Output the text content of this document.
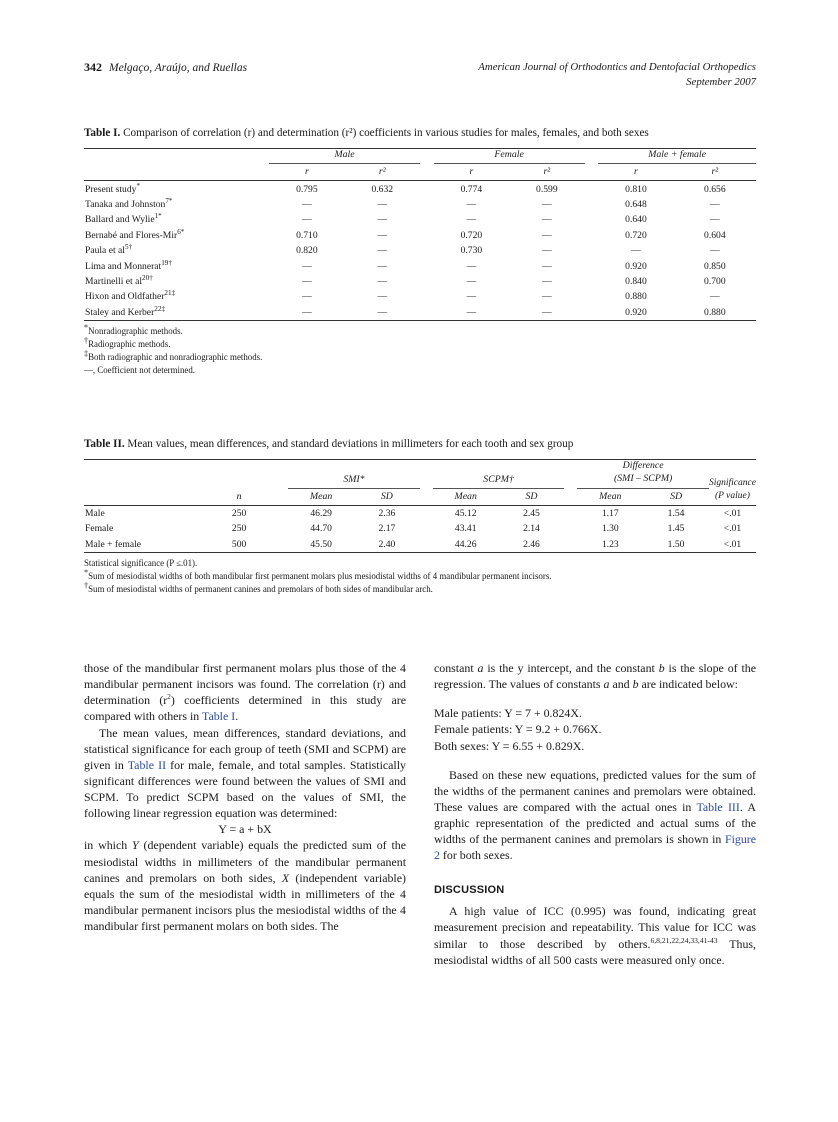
342 Melgaço, Araújo, and Ruellas	American Journal of Orthodontics and Dentofacial Orthopedics
September 2007
Table I. Comparison of correlation (r) and determination (r²) coefficients in various studies for males, females, and both sexes
	Male			Female			Male + female	

	r	r²		r	r²		r	r²
Present study*	0.795	0.632		0.774	0.599		0.810	0.656
Tanaka and Johnston$^{7*}$	—	—		—	—		0.648	—
Ballard and Wylie$^{1*}$	—	—		—	—		0.640	—
Bernabé and Flores-Mir$^{6*}$	0.710	—		0.720	—		0.720	0.604
Paula et $al^{5\dagger}$	0.820	—		0.730	—		—	—
Lima and Monnerat$^{19\dagger}$	—	—		—	—		0.920	0.850
Martinelli et $al^{20\dagger}$	—	—		—	—		0.840	0.700
Hixon and Oldfather$^{21\ddagger}$	—	—		—	—		0.880	—
Staley and Kerber$^{22\ddagger}$	—	—		—	—		0.920	0.880
*Nonradiographic methods.
†Radiographic methods.
‡Both radiographic and nonradiographic methods.
—, Coefficient not determined.
Table II. Mean values, mean differences, and standard deviations in millimeters for each tooth and sex group
			SMI*			SCPM†			Difference
(SMI – SCPM)		Significance
(P value)

	n		Mean	SD		Mean	SD		Mean	SD	
Male	250		46.29	2.36		45.12	2.45		1.17	1.54	<.01
Female	250		44.70	2.17		43.41	2.14		1.30	1.45	<.01
Male + female	500		45.50	2.40		44.26	2.46		1.23	1.50	<.01
Statistical significance (P ≤.01).
*Sum of mesiodistal widths of both mandibular first permanent molars plus mesiodistal widths of 4 mandibular permanent incisors.
†Sum of mesiodistal widths of permanent canines and premolars of both sides of mandibular arch.

those of the mandibular first permanent molars plus those of the 4 mandibular permanent incisors was found. The correlation (r) and determination $(r^2)$ coefficients determined in this study are compared with others in Table I.

The mean values, mean differences, standard deviations, and statistical significance for each group of teeth (SMI and SCPM) are given in Table II for male, female, and total samples. Statistically significant differences were found between the values of SMI and SCPM. To predict SCPM based on the values of SMI, the following linear regression equation was determined:

Y = a + bX

in which Y (dependent variable) equals the predicted sum of the mesiodistal widths in millimeters of the mandibular permanent canines and premolars on both sides, X (independent variable) equals the sum of the mesiodistal width in millimeters of the 4 mandibular permanent incisors plus the mesiodistal widths of the 4 mandibular first permanent molars on both sides. The

constant a is the y intercept, and the constant b is the slope of the regression. The values of constants a and b are indicated below:

Male patients: Y = 7 + 0.824X.
Female patients: Y = 9.2 + 0.766X.
Both sexes: Y = 6.55 + 0.829X.

Based on these new equations, predicted values for the sum of the widths of the permanent canines and premolars were obtained. These values are compared with the actual ones in Table III. A graphic representation of the predicted and actual sums of the widths of the permanent canines and premolars is shown in Figure 2 for both sexes.

DISCUSSION

A high value of ICC (0.995) was found, indicating great measurement precision and repeatability. This value for ICC was similar to those described by others.$^{6,8,21,22,24,33,41-43}$ Thus, mesiodistal widths of all 500 casts were measured only once.
